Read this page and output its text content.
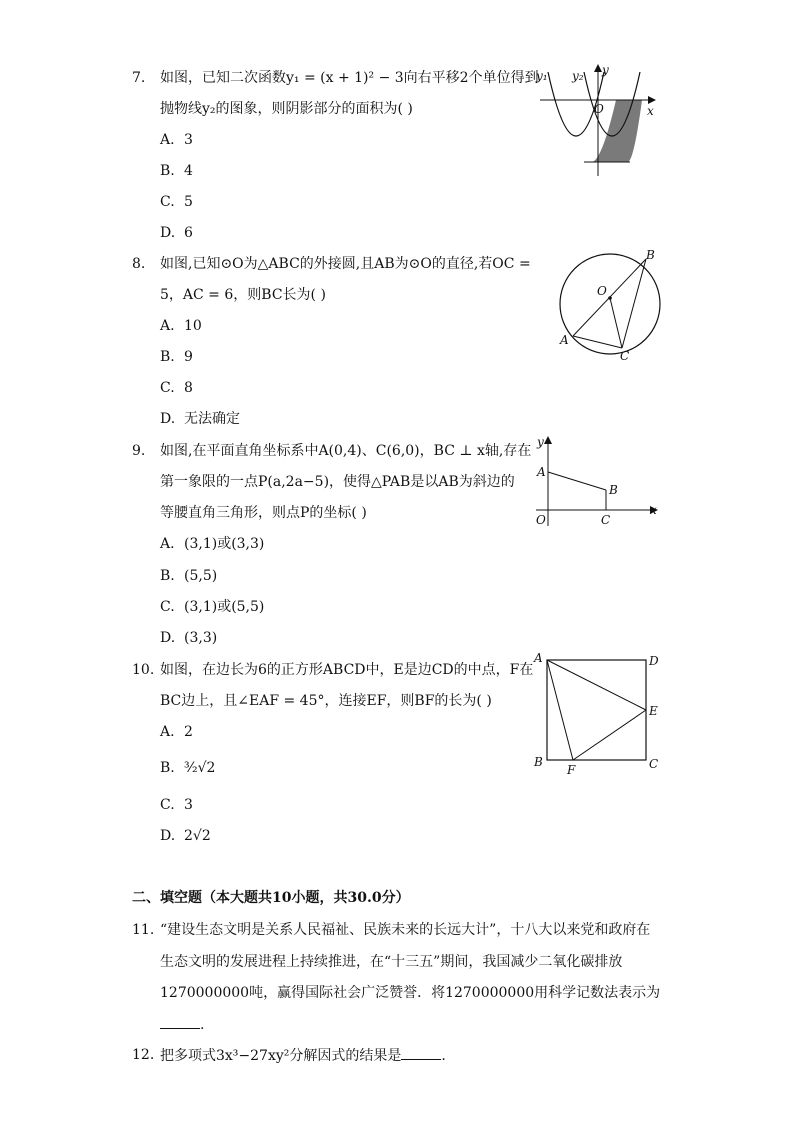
7. 如图，已知二次函数y₁ = (x + 1)² − 3向右平移2个单位得到
抛物线y₂的图象，则阴影部分的面积为( )
A. 3
B. 4
C. 5
D. 6
y₁ y₂ y
O	x
8. 如图,已知⊙O为△ABC的外接圆,且AB为⊙O的直径,若OC =
5，AC = 6，则BC长为( )
A. 10
B. 9
C. 8
D. 无法确定
B
O
A
C
9. 如图,在平面直角坐标系中A(0,4)、C(6,0)，BC ⊥ x轴,存在
第一象限的一点P(a,2a−5)，使得△PAB是以AB为斜边的
等腰直角三角形，则点P的坐标( )
A. (3,1)或(3,3)
B. (5,5)
C. (3,1)或(5,5)
D. (3,3)
y
A
B
O	C
x
10. 如图，在边长为6的正方形ABCD中，E是边CD的中点，F在
BC边上，且∠EAF = 45°，连接EF，则BF的长为( )
A. 2
B. ³⁄₂√2
C. 3
D. 2√2
A	D
E
B
F	C
二、填空题（本大题共10小题，共30.0分）
11. “建设生态文明是关系人民福祉、民族未来的长远大计”，十八大以来党和政府在
生态文明的发展进程上持续推进，在“十三五”期间，我国减少二氧化碳排放
1270000000吨，赢得国际社会广泛赞誉．将1270000000用科学记数法表示为
.
12. 把多项式3x³−27xy²分解因式的结果是	.
